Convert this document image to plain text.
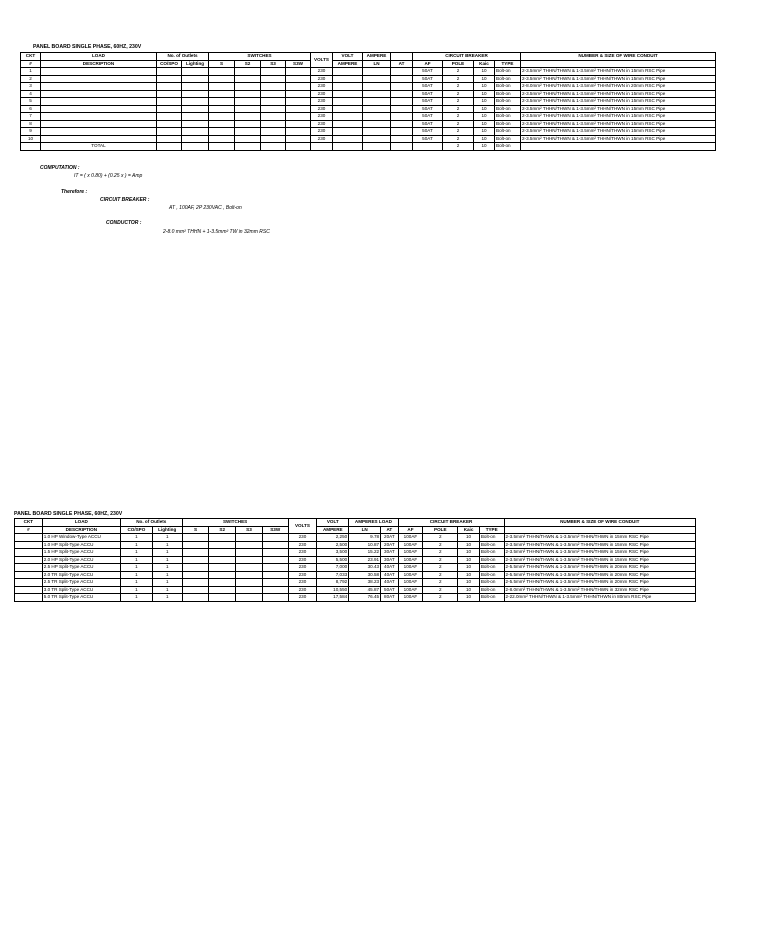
PANEL BOARD SINGLE PHASE, 60HZ, 230V
CKT	LOAD	No. of Outlets		SWITCHES				VOLTS	VOLT	AMPERE		CIRCUIT BREAKER				NUMBER & SIZE OF WIRE CONDUIT
#	DESCRIPTION	CO/SPO	Lighting	S	S2	S3	S3W		AMPERE	LN	AT	AF	POLE	Kaic	TYPE	
1								230				50AT	2	10	Bolt-on	2-3.5mm² THHN/THWN & 1-3.5mm² THHN/THWN in 15mm RSC Pipe
2								230				50AT	2	10	Bolt-on	2-3.5mm² THHN/THWN & 1-3.5mm² THHN/THWN in 15mm RSC Pipe
3								230				50AT	2	10	Bolt-on	2-8.0mm² THHN/THWN & 1-3.5mm² THHN/THWN in 20mm RSC Pipe
4								230				50AT	2	10	Bolt-on	2-3.5mm² THHN/THWN & 1-3.5mm² THHN/THWN in 15mm RSC Pipe
5								230				50AT	2	10	Bolt-on	2-3.5mm² THHN/THWN & 1-3.5mm² THHN/THWN in 15mm RSC Pipe
6								230				50AT	2	10	Bolt-on	2-3.5mm² THHN/THWN & 1-3.5mm² THHN/THWN in 15mm RSC Pipe
7								230				50AT	2	10	Bolt-on	2-3.5mm² THHN/THWN & 1-3.5mm² THHN/THWN in 15mm RSC Pipe
8								230				50AT	2	10	Bolt-on	2-3.5mm² THHN/THWN & 1-3.5mm² THHN/THWN in 15mm RSC Pipe
9								230				50AT	2	10	Bolt-on	2-3.5mm² THHN/THWN & 1-3.5mm² THHN/THWN in 15mm RSC Pipe
10								230				50AT	2	10	Bolt-on	2-3.5mm² THHN/THWN & 1-3.5mm² THHN/THWN in 15mm RSC Pipe
	TOTAL												2	10	Bolt-on	
COMPUTATION :
IT = ( x 0.80) + (0.25 x ) = Amp
Therefore :
CIRCUIT BREAKER :
AT , 100AF, 2P 230VAC , Bolt-on
CONDUCTOR :
2-8.0 mm² THHN + 1-3.5mm² TW in 32mm RSC
PANEL BOARD SINGLE PHASE, 60HZ, 230V
CKT	LOAD	No. of Outlets		SWITCHES				VOLTS	VOLT	AMPERES LOAD		CIRCUIT BREAKER				NUMBER & SIZE OF WIRE CONDUIT
#	DESCRIPTION	CO/SPO	Lighting	S	S2	S3	S3W		AMPERE	LN	AT	AF	POLE	Kaic	TYPE	
	1.0 HP Window-Type ACCU	1	1					230	2,250	9.78	20AT	100AF	2	10	Bolt-on	2-3.5mm² THHN/THWN & 1-3.5mm² THHN/THWN in 15mm RSC Pipe
	1.0 HP Split-Type ACCU	1	1					230	2,500	10.87	20AT	100AF	2	10	Bolt-on	2-3.5mm² THHN/THWN & 1-3.5mm² THHN/THWN in 15mm RSC Pipe
	1.5 HP Split-Type ACCU	1	1					230	3,500	15.22	30AT	100AF	2	10	Bolt-on	2-3.5mm² THHN/THWN & 1-3.5mm² THHN/THWN in 15mm RSC Pipe
	2.0 HP Split-Type ACCU	1	1					230	5,500	23.91	30AT	100AF	2	10	Bolt-on	2-3.5mm² THHN/THWN & 1-3.5mm² THHN/THWN in 15mm RSC Pipe
	2.5 HP Split-Type ACCU	1	1					230	7,000	30.43	40AT	100AF	2	10	Bolt-on	2-5.5mm² THHN/THWN & 1-3.5mm² THHN/THWN in 20mm RSC Pipe
	2.0 TR Split-Type ACCU	1	1					230	7,033	30.58	40AT	100AF	2	10	Bolt-on	2-5.5mm² THHN/THWN & 1-3.5mm² THHN/THWN in 20mm RSC Pipe
	2.5 TR Split-Type ACCU	1	1					230	8,792	38.23	40AT	100AF	2	10	Bolt-on	2-5.5mm² THHN/THWN & 1-3.5mm² THHN/THWN in 20mm RSC Pipe
	3.0 TR Split-Type ACCU	1	1					230	10,550	45.87	50AT	100AF	2	10	Bolt-on	2-8.0mm² THHN/THWN & 1-3.5mm² THHN/THWN in 32mm RSC Pipe
	5.0 TR Split-Type ACCU	1	1					230	17,584	76.45	80AT	100AF	2	10	Bolt-on	2-22.0mm² THHN/THWN & 1-3.5mm² THHN/THWN in 80mm RSC Pipe
